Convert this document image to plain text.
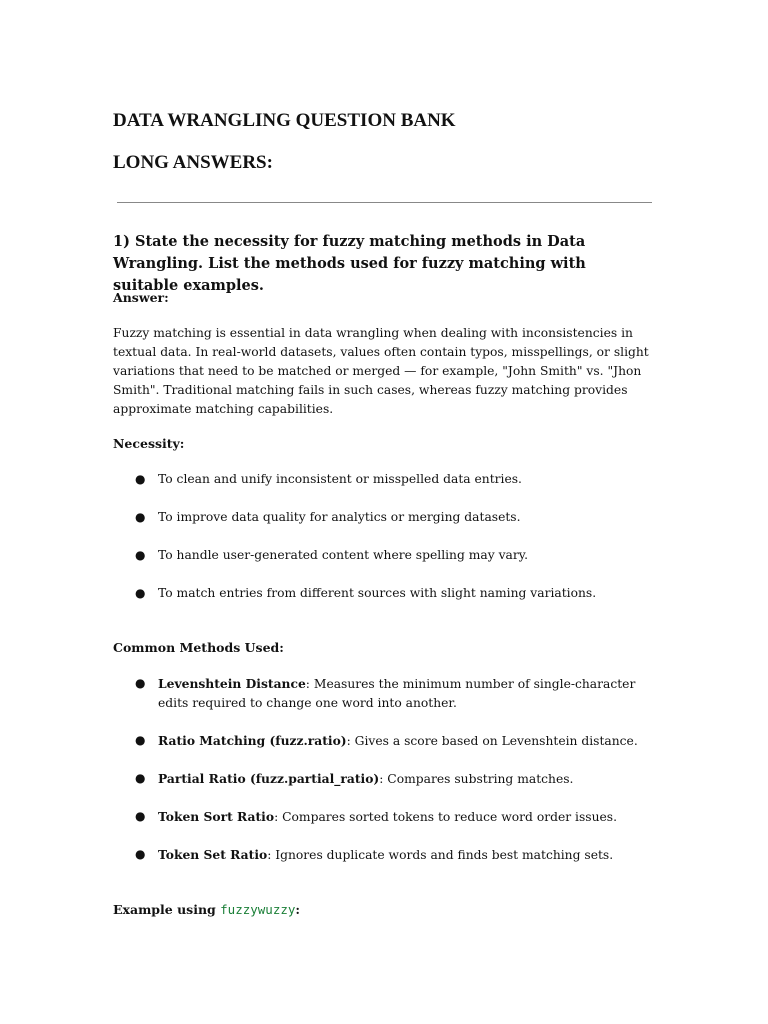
DATA WRANGLING QUESTION BANK
LONG ANSWERS:
1) State the necessity for fuzzy matching methods in Data Wrangling. List the methods used for fuzzy matching with suitable examples.

Answer:

Fuzzy matching is essential in data wrangling when dealing with inconsistencies in textual data. In real-world datasets, values often contain typos, misspellings, or slight variations that need to be matched or merged — for example, "John Smith" vs. "Jhon Smith". Traditional matching fails in such cases, whereas fuzzy matching provides approximate matching capabilities.

Necessity:

● To clean and unify inconsistent or misspelled data entries.
● To improve data quality for analytics or merging datasets.
● To handle user-generated content where spelling may vary.
● To match entries from different sources with slight naming variations.

Common Methods Used:

● Levenshtein Distance: Measures the minimum number of single-character edits required to change one word into another.
● Ratio Matching (fuzz.ratio): Gives a score based on Levenshtein distance.
● Partial Ratio (fuzz.partial_ratio): Compares substring matches.
● Token Sort Ratio: Compares sorted tokens to reduce word order issues.
● Token Set Ratio: Ignores duplicate words and finds best matching sets.

Example using fuzzywuzzy:
